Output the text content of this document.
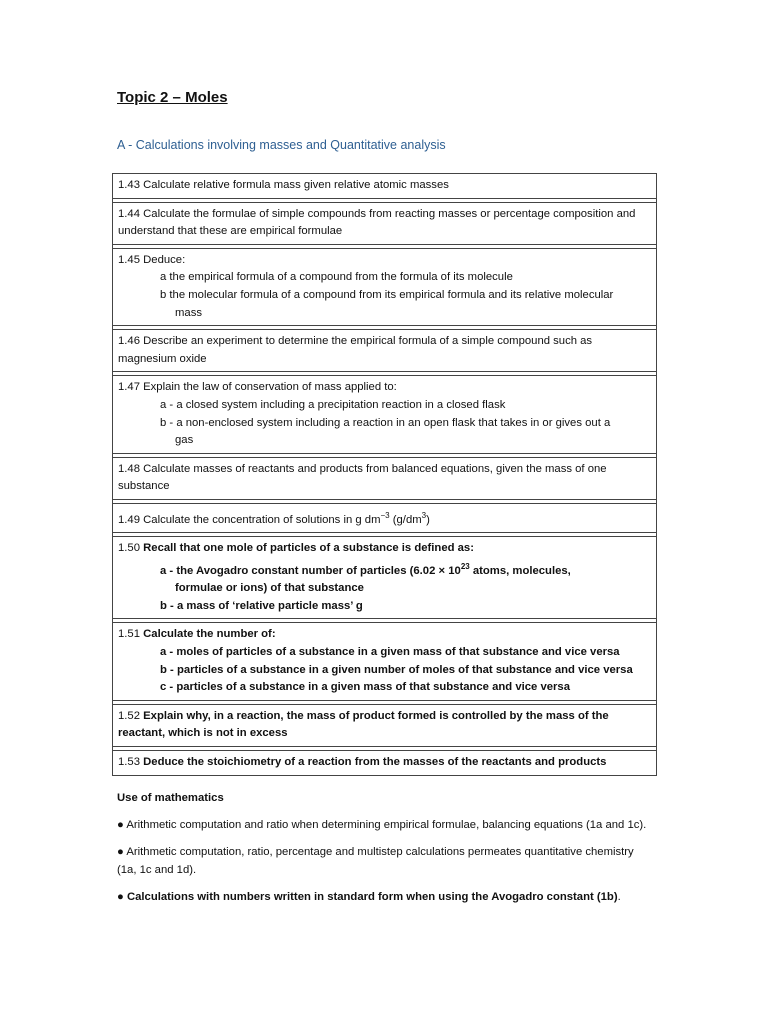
Topic 2 – Moles
A - Calculations involving masses and Quantitative analysis
1.43 Calculate relative formula mass given relative atomic masses
1.44 Calculate the formulae of simple compounds from reacting masses or percentage composition and understand that these are empirical formulae
1.45 Deduce:
a the empirical formula of a compound from the formula of its molecule
b the molecular formula of a compound from its empirical formula and its relative molecular
mass
1.46 Describe an experiment to determine the empirical formula of a simple compound such as magnesium oxide
1.47 Explain the law of conservation of mass applied to:
a - a closed system including a precipitation reaction in a closed flask
b - a non-enclosed system including a reaction in an open flask that takes in or gives out a
gas
1.48 Calculate masses of reactants and products from balanced equations, given the mass of one substance
1.49 Calculate the concentration of solutions in g $dm^{-3}$ $(g/dm^3)$
1.50 Recall that one mole of particles of a substance is defined as:
a - the Avogadro constant number of particles ($6.02 \times 10^{23}$ atoms, molecules,
formulae or ions) of that substance
b - a mass of ‘relative particle mass’ g
1.51 Calculate the number of:
a - moles of particles of a substance in a given mass of that substance and vice versa
b - particles of a substance in a given number of moles of that substance and vice versa
c - particles of a substance in a given mass of that substance and vice versa
1.52 Explain why, in a reaction, the mass of product formed is controlled by the mass of the reactant, which is not in excess
1.53 Deduce the stoichiometry of a reaction from the masses of the reactants and products

Use of mathematics

● Arithmetic computation and ratio when determining empirical formulae, balancing equations (1a and 1c).

● Arithmetic computation, ratio, percentage and multistep calculations permeates quantitative chemistry (1a, 1c and 1d).

● Calculations with numbers written in standard form when using the Avogadro constant (1b).
